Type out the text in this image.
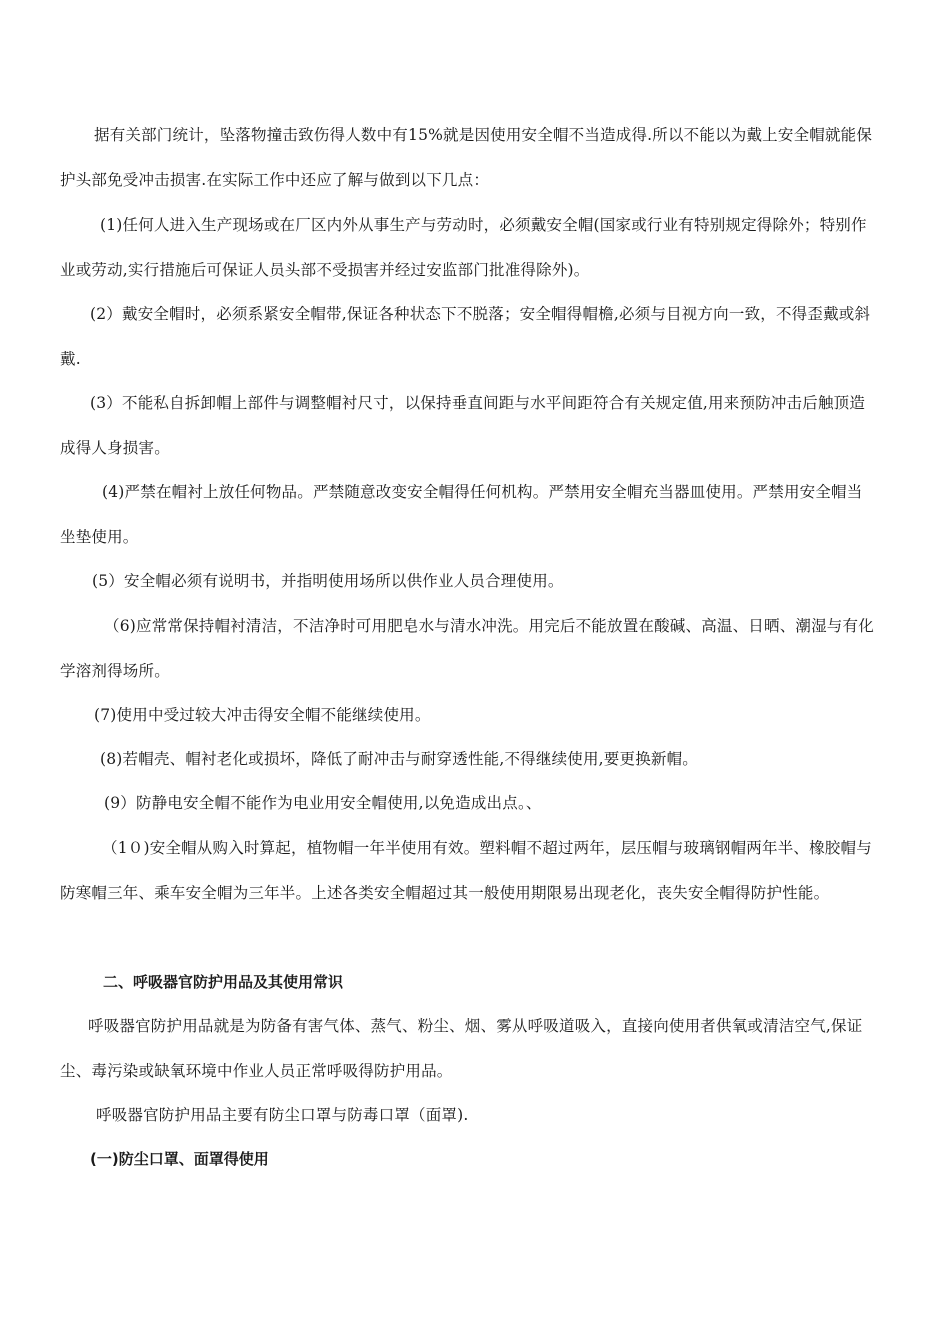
据有关部门统计，坠落物撞击致伤得人数中有15%就是因使用安全帽不当造成得.所以不能以为戴上安全帽就能保护头部免受冲击损害.在实际工作中还应了解与做到以下几点：

(1)任何人进入生产现场或在厂区内外从事生产与劳动时，必须戴安全帽(国家或行业有特别规定得除外；特别作业或劳动,实行措施后可保证人员头部不受损害并经过安监部门批准得除外)。

(2）戴安全帽时，必须系紧安全帽带,保证各种状态下不脱落；安全帽得帽檐,必须与目视方向一致，不得歪戴或斜戴.

(3）不能私自拆卸帽上部件与调整帽衬尺寸，以保持垂直间距与水平间距符合有关规定值,用来预防冲击后触顶造成得人身损害。

(4)严禁在帽衬上放任何物品。严禁随意改变安全帽得任何机构。严禁用安全帽充当器皿使用。严禁用安全帽当坐垫使用。

(5）安全帽必须有说明书，并指明使用场所以供作业人员合理使用。

（6)应常常保持帽衬清洁，不洁净时可用肥皂水与清水冲洗。用完后不能放置在酸碱、高温、日晒、潮湿与有化学溶剂得场所。

(7)使用中受过较大冲击得安全帽不能继续使用。

(8)若帽壳、帽衬老化或损坏，降低了耐冲击与耐穿透性能,不得继续使用,要更换新帽。

(9）防静电安全帽不能作为电业用安全帽使用,以免造成出点。、

（1０)安全帽从购入时算起，植物帽一年半使用有效。塑料帽不超过两年，层压帽与玻璃钢帽两年半、橡胶帽与防寒帽三年、乘车安全帽为三年半。上述各类安全帽超过其一般使用期限易出现老化，丧失安全帽得防护性能。

二、呼吸器官防护用品及其使用常识

呼吸器官防护用品就是为防备有害气体、蒸气、粉尘、烟、雾从呼吸道吸入，直接向使用者供氧或清洁空气,保证尘、毒污染或缺氧环境中作业人员正常呼吸得防护用品。

呼吸器官防护用品主要有防尘口罩与防毒口罩（面罩).

(一)防尘口罩、面罩得使用
